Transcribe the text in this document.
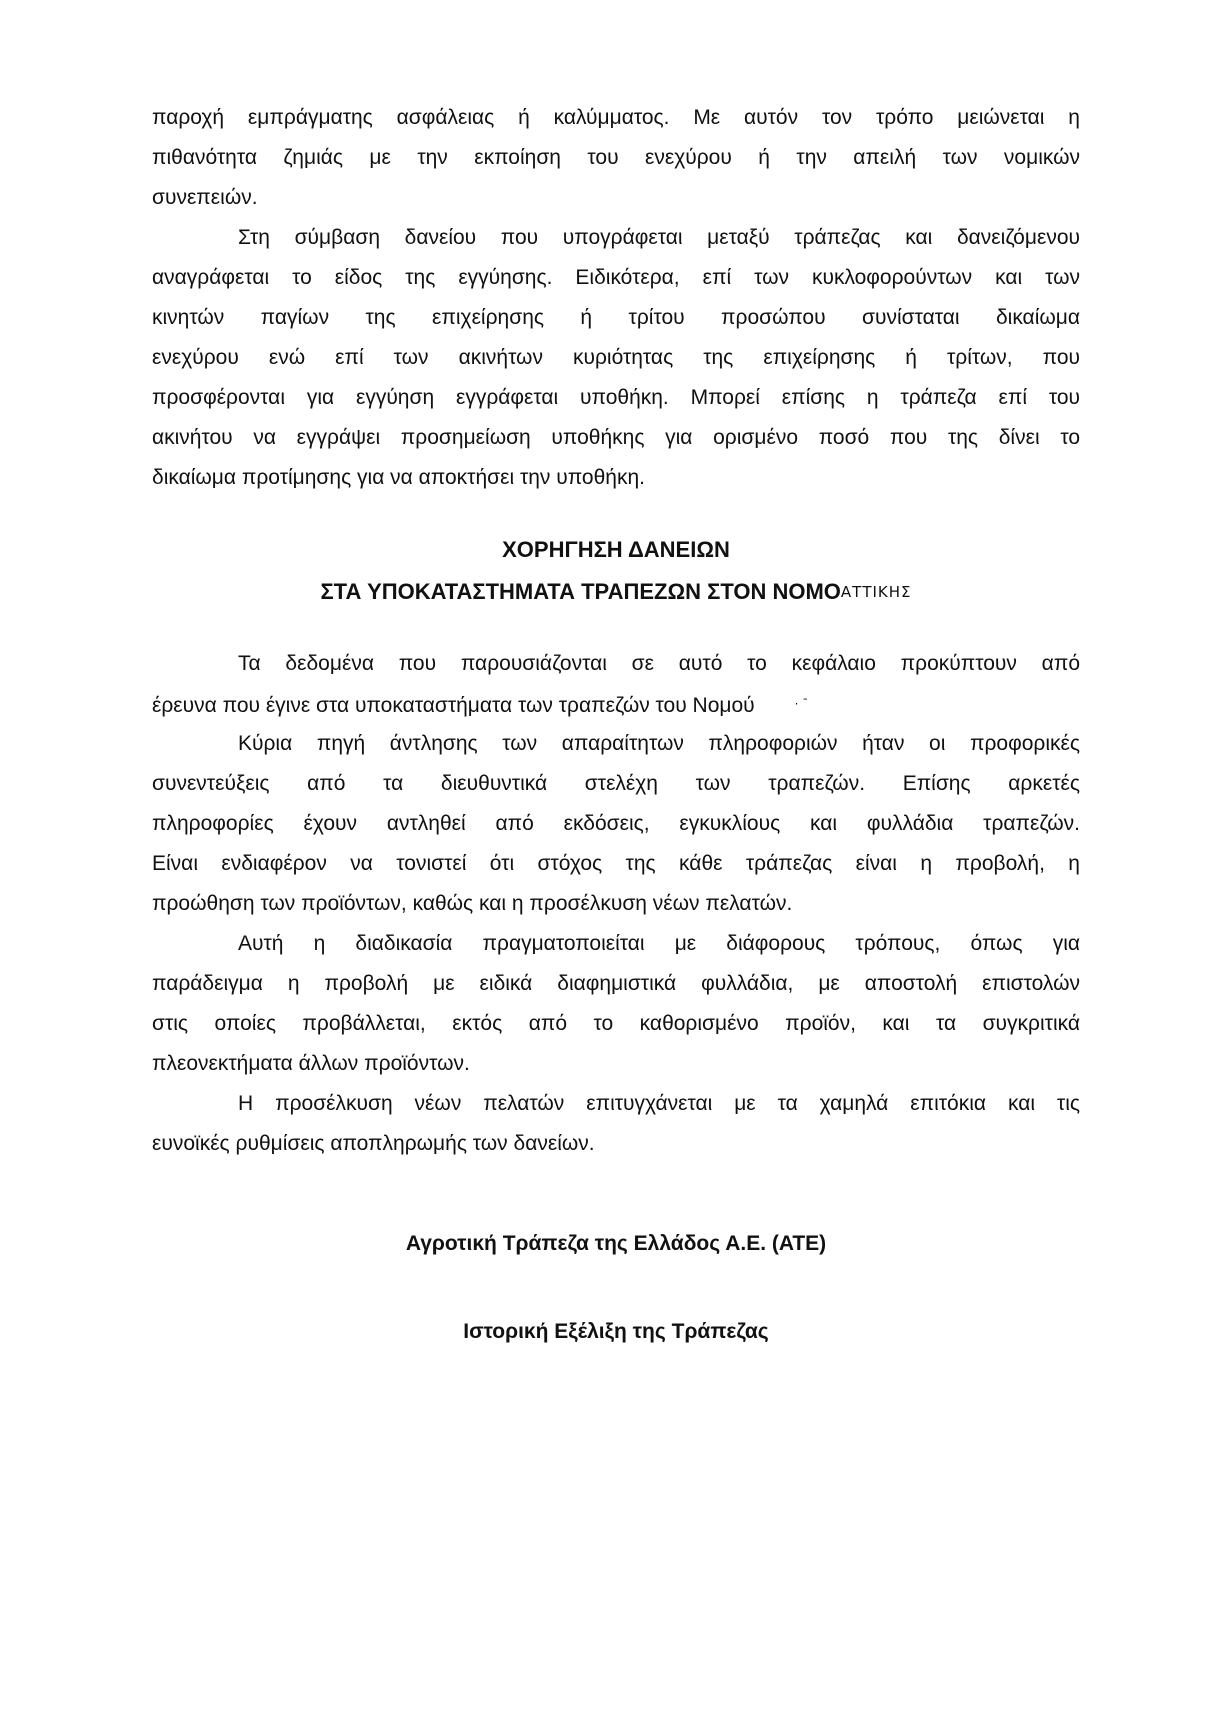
παροχή εμπράγματης ασφάλειας ή καλύμματος. Με αυτόν τον τρόπο μειώνεται η
πιθανότητα ζημιάς με την εκποίηση του ενεχύρου ή την απειλή των νομικών
συνεπειών.
Στη σύμβαση δανείου που υπογράφεται μεταξύ τράπεζας και δανειζόμενου
αναγράφεται το είδος της εγγύησης. Ειδικότερα, επί των κυκλοφορούντων και των
κινητών παγίων της επιχείρησης ή τρίτου προσώπου συνίσταται δικαίωμα
ενεχύρου ενώ επί των ακινήτων κυριότητας της επιχείρησης ή τρίτων, που
προσφέρονται για εγγύηση εγγράφεται υποθήκη. Μπορεί επίσης η τράπεζα επί του
ακινήτου να εγγράψει προσημείωση υποθήκης για ορισμένο ποσό που της δίνει το
δικαίωμα προτίμησης για να αποκτήσει την υποθήκη.
ΧΟΡΗΓΗΣΗ ΔΑΝΕΙΩΝ
ΣΤΑ ΥΠΟΚΑΤΑΣΤΗΜΑΤΑ ΤΡΑΠΕΖΩΝ ΣΤΟΝ ΝΟΜΟΑΤΤΙΚΗΣ
Τα δεδομένα που παρουσιάζονται σε αυτό το κεφάλαιο προκύπτουν από
έρευνα που έγινε στα υποκαταστήματα των τραπεζών του Νομού	· ˉ
Κύρια πηγή άντλησης των απαραίτητων πληροφοριών ήταν οι προφορικές
συνεντεύξεις από τα διευθυντικά στελέχη των τραπεζών. Επίσης αρκετές
πληροφορίες έχουν αντληθεί από εκδόσεις, εγκυκλίους και φυλλάδια τραπεζών.
Είναι ενδιαφέρον να τονιστεί ότι στόχος της κάθε τράπεζας είναι η προβολή, η
προώθηση των προϊόντων, καθώς και η προσέλκυση νέων πελατών.
Αυτή η διαδικασία πραγματοποιείται με διάφορους τρόπους, όπως για
παράδειγμα η προβολή με ειδικά διαφημιστικά φυλλάδια, με αποστολή επιστολών
στις οποίες προβάλλεται, εκτός από το καθορισμένο προϊόν, και τα συγκριτικά
πλεονεκτήματα άλλων προϊόντων.
Η προσέλκυση νέων πελατών επιτυγχάνεται με τα χαμηλά επιτόκια και τις
ευνοϊκές ρυθμίσεις αποπληρωμής των δανείων.
Αγροτική Τράπεζα της Ελλάδος Α.Ε. (ΑΤΕ)
Ιστορική Εξέλιξη της Τράπεζας
